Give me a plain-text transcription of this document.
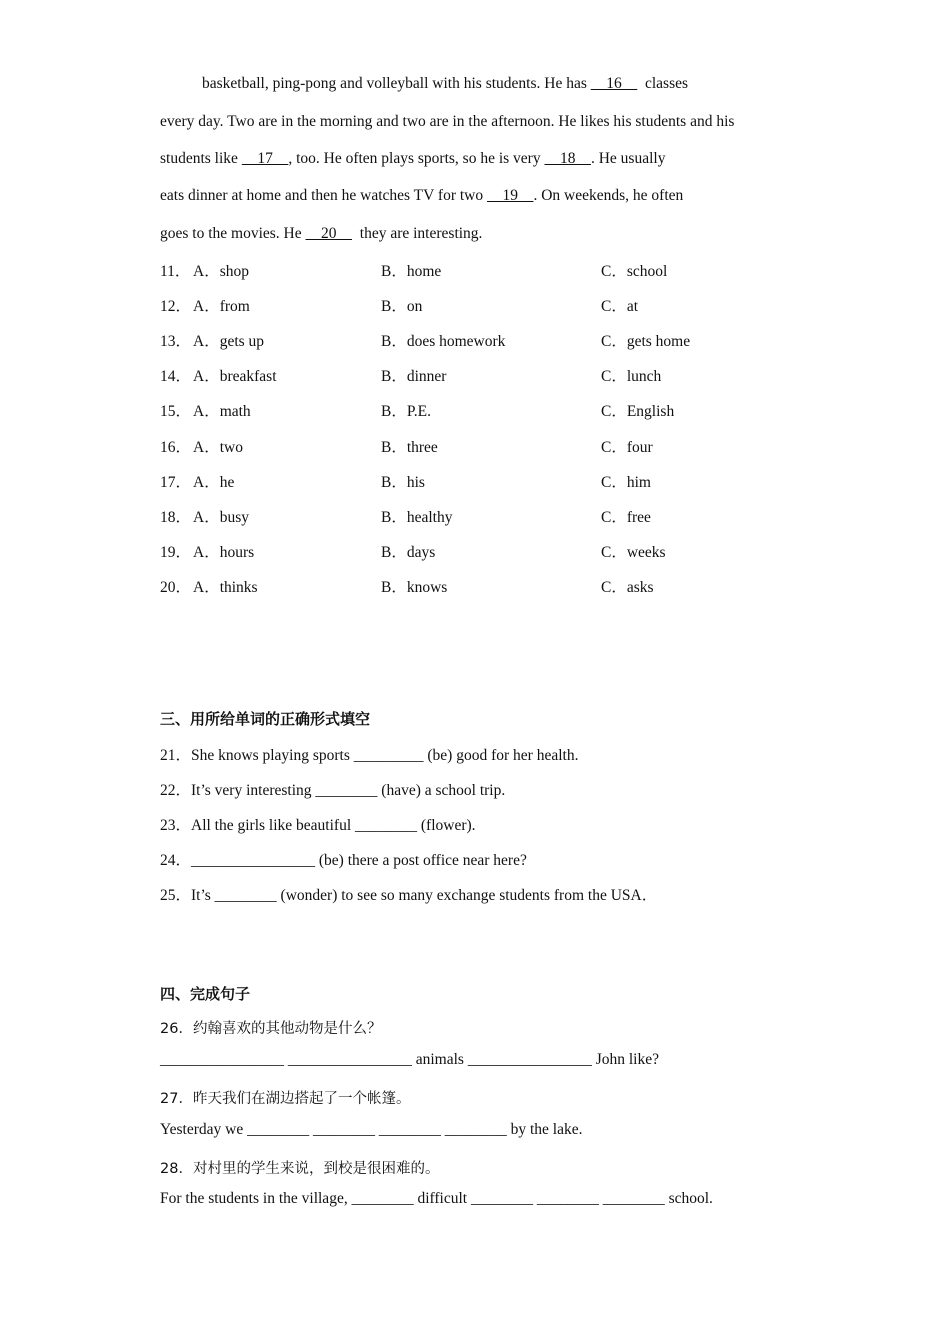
basketball, ping-pong and volleyball with his students. He has     16      classes
every day. Two are in the morning and two are in the afternoon. He likes his students and his
students like     17    , too. He often plays sports, so he is very     18    . He usually
eats dinner at home and then he watches TV for two     19    . On weekends, he often
goes to the movies. He     20      they are interesting.
11． A．shop	B．home	C．school
12． A．from	B．on	C．at
13． A．gets up	B．does homework	C．gets home
14． A．breakfast	B．dinner	C．lunch
15． A．math	B．P.E.	C．English
16． A．two	B．three	C．four
17． A．he	B．his	C．him
18． A．busy	B．healthy	C．free
19． A．hours	B．days	C．weeks
20． A．thinks	B．knows	C．asks
三、用所给单词的正确形式填空
21．She knows playing sports _________ (be) good for her health.
22．It’s very interesting ________ (have) a school trip.
23．All the girls like beautiful ________ (flower).
24．________________ (be) there a post office near here?
25．It’s ________ (wonder) to see so many exchange students from the USA．
四、完成句子
26．约翰喜欢的其他动物是什么？
________________ ________________ animals ________________ John like?
27．昨天我们在湖边搭起了一个帐篷。
Yesterday we ________ ________ ________ ________ by the lake.
28．对村里的学生来说，到校是很困难的。
For the students in the village, ________ difficult ________ ________ ________ school.
